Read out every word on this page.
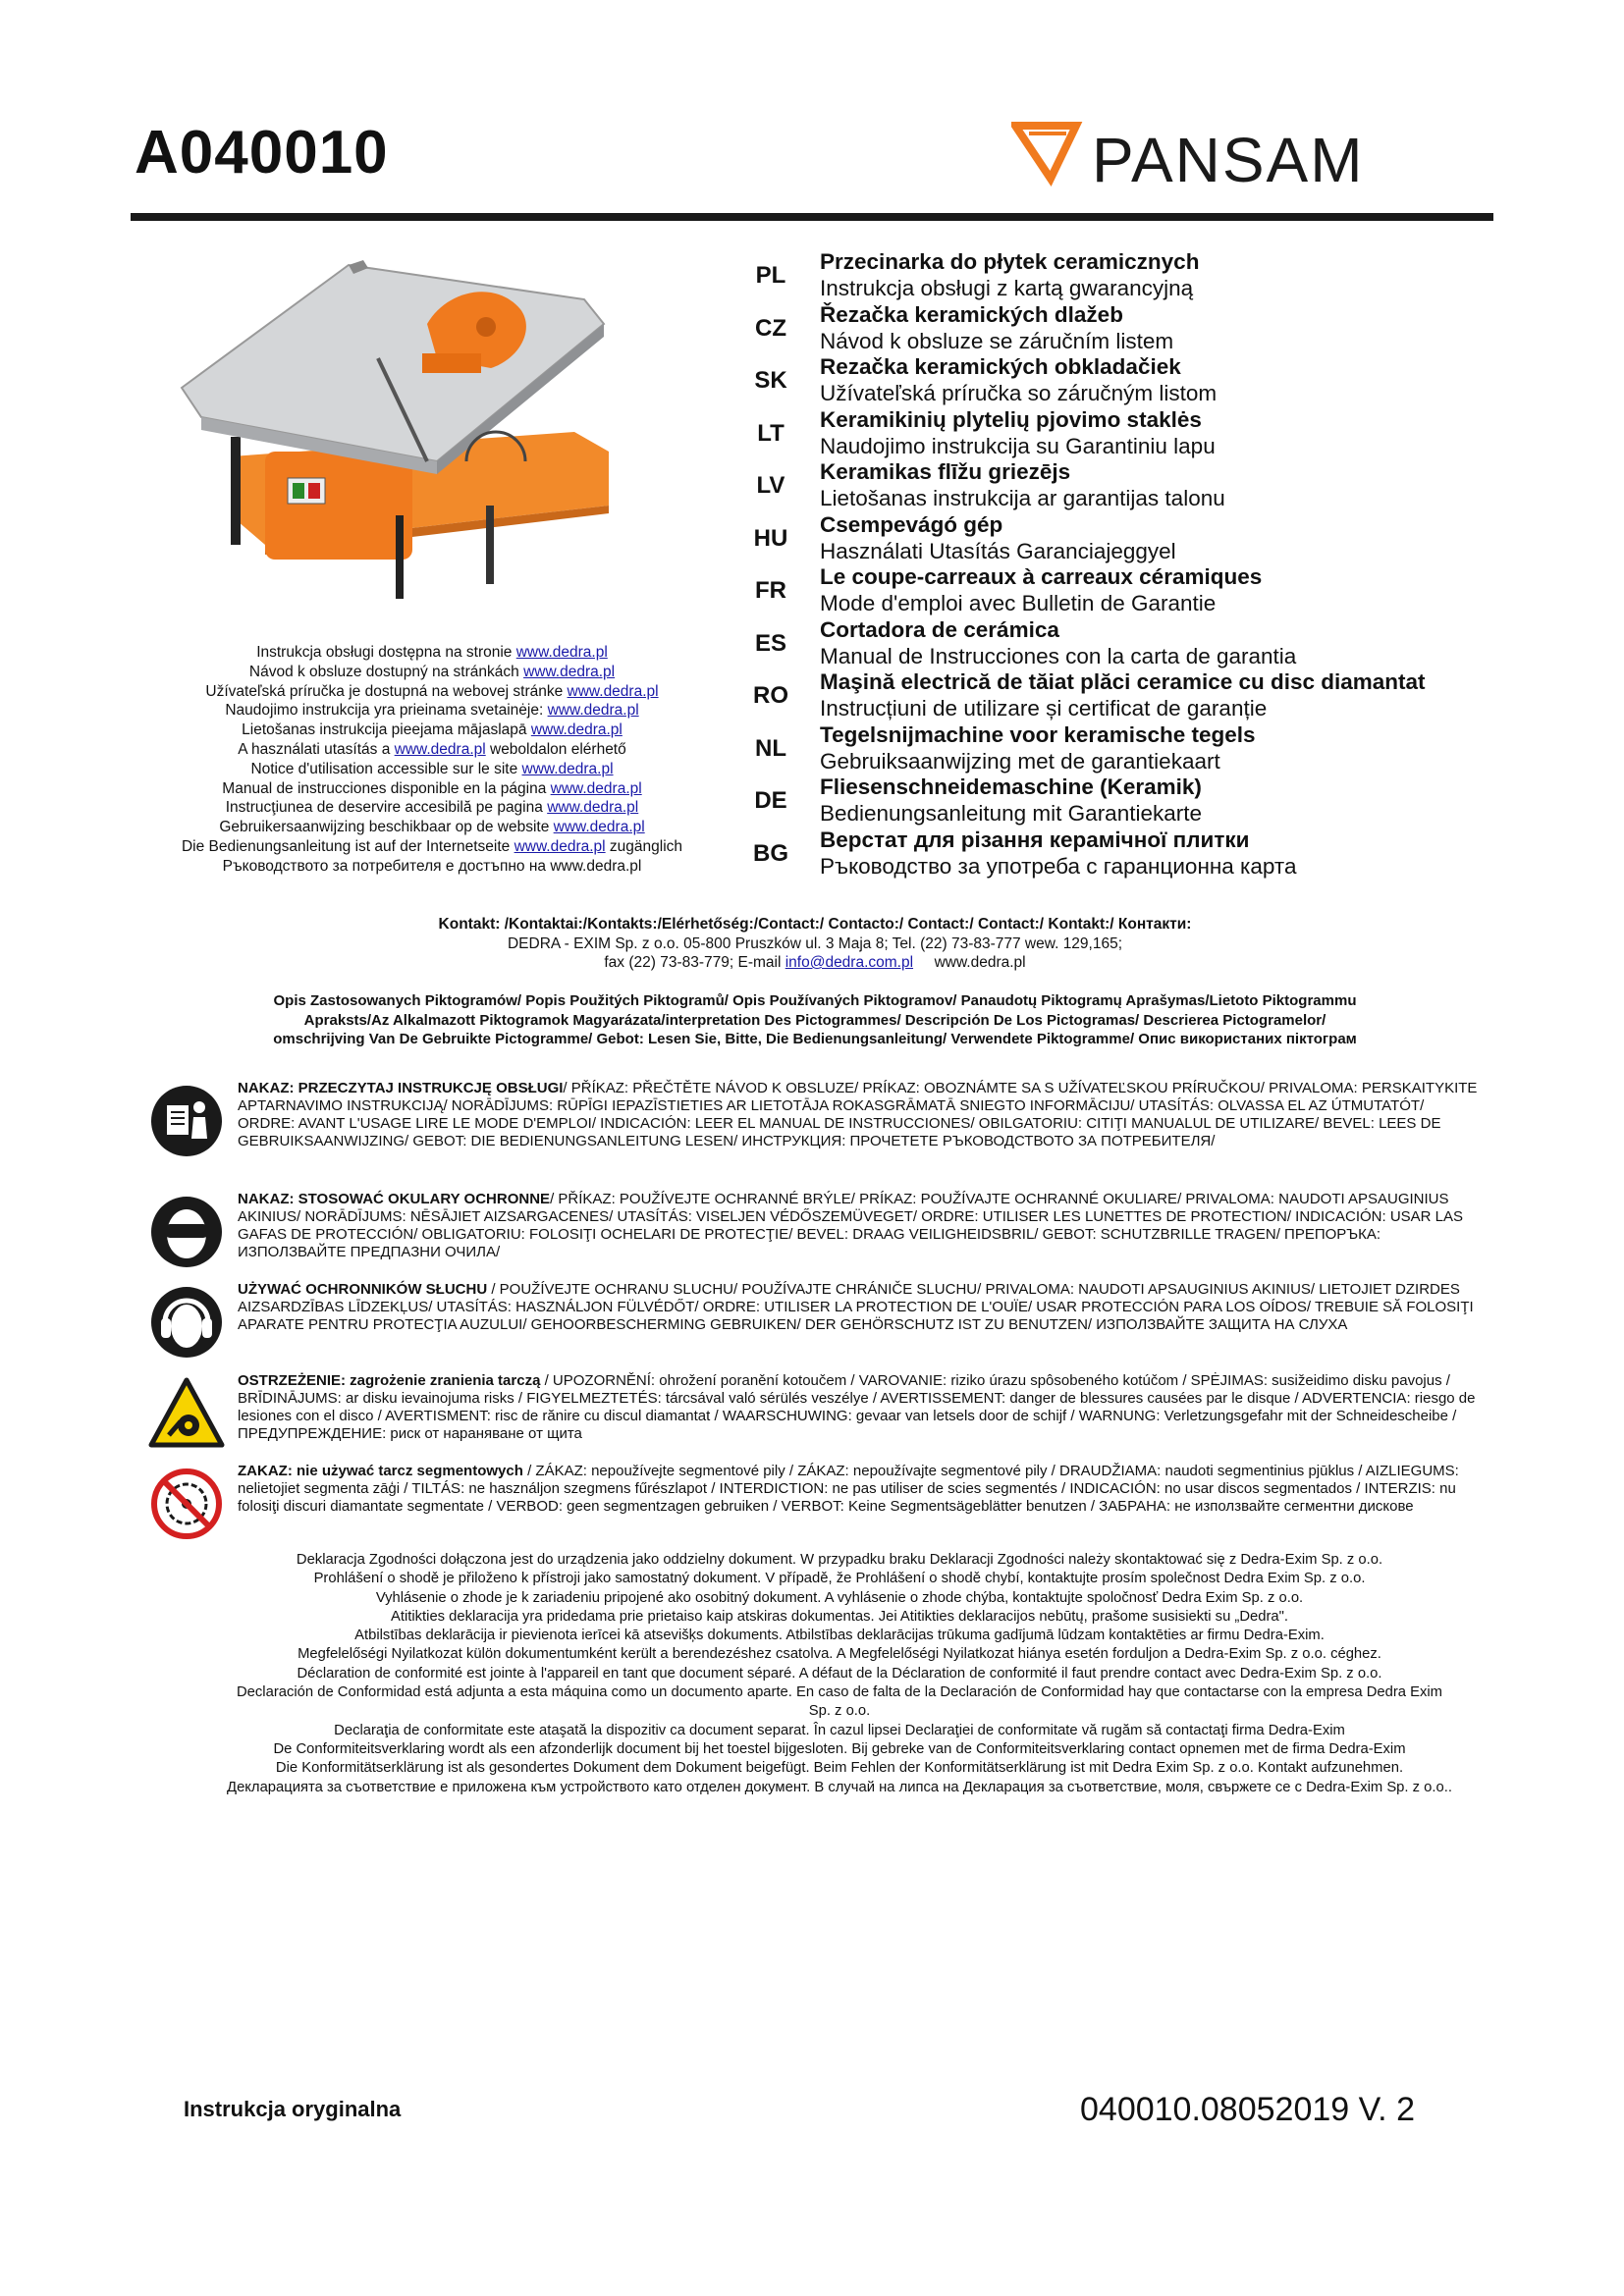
A040010	PANSAM
Instrukcja obsługi dostępna na stronie www.dedra.pl
Návod k obsluze dostupný na stránkách www.dedra.pl
Užívateľská príručka je dostupná na webovej stránke www.dedra.pl
Naudojimo instrukcija yra prieinama svetainėje: www.dedra.pl
Lietošanas instrukcija pieejama mājaslapā www.dedra.pl
A használati utasítás a www.dedra.pl weboldalon elérhető
Notice d'utilisation accessible sur le site www.dedra.pl
Manual de instrucciones disponible en la página www.dedra.pl
Instrucţiunea de deservire accesibilă pe pagina www.dedra.pl
Gebruikersaanwijzing beschikbaar op de website www.dedra.pl
Die Bedienungsanleitung ist auf der Internetseite www.dedra.pl zugänglich
Ръководството за потребителя е достъпно на www.dedra.pl
PL
Przecinarka do płytek ceramicznych
Instrukcja obsługi z kartą gwarancyjną
CZ
Řezačka keramických dlažeb
Návod k obsluze se záručním listem
SK
Rezačka keramických obkladačiek
Užívateľská príručka so záručným listom
LT
Keramikinių plytelių pjovimo staklės
Naudojimo instrukcija su Garantiniu lapu
LV
Keramikas flīžu griezējs
Lietošanas instrukcija ar garantijas talonu
HU
Csempevágó gép
Használati Utasítás Garanciajeggyel
FR
Le coupe-carreaux à carreaux céramiques
Mode d'emploi avec Bulletin de Garantie
ES
Cortadora de cerámica
Manual de Instrucciones con la carta de garantia
RO
Maşină electrică de tăiat plăci ceramice cu disc diamantat
Instrucțiuni de utilizare și certificat de garanție
NL
Tegelsnijmachine voor keramische tegels
Gebruiksaanwijzing met de garantiekaart
DE
Fliesenschneidemaschine (Keramik)
Bedienungsanleitung mit Garantiekarte
BG
Верстат для різання керамічної плитки
Ръководство за употреба с гаранционна карта
Kontakt: /Kontaktai:/Kontakts:/Elérhetőség:/Contact:/ Contacto:/ Contact:/ Contact:/ Kontakt:/ Контакти:
DEDRA - EXIM Sp. z o.o. 05-800 Pruszków ul. 3 Maja 8; Tel. (22) 73-83-777 wew. 129,165;
fax (22) 73-83-779; E-mail info@dedra.com.pl     www.dedra.pl
Opis Zastosowanych Piktogramów/ Popis Použitých Piktogramů/ Opis Používaných Piktogramov/ Panaudotų Piktogramų Aprašymas/Lietoto Piktogrammu
Apraksts/Az Alkalmazott Piktogramok Magyarázata/interpretation Des Pictogrammes/ Descripción De Los Pictogramas/ Descrierea Pictogramelor/
omschrijving Van De Gebruikte Pictogramme/ Gebot: Lesen Sie, Bitte, Die Bedienungsanleitung/ Verwendete Piktogramme/ Опис використаних піктограм
NAKAZ: PRZECZYTAJ INSTRUKCJĘ OBSŁUGI/ PŘÍKAZ: PŘEČTĚTE NÁVOD K OBSLUZE/ PRÍKAZ: OBOZNÁMTE SA S UŽÍVATEĽSKOU PRÍRUČKOU/ PRIVALOMA: PERSKAITYKITE APTARNAVIMO INSTRUKCIJĄ/ NORĀDĪJUMS: RŪPĪGI IEPAZĪSTIETIES AR LIETOTĀJA ROKASGRĀMATĀ SNIEGTO INFORMĀCIJU/ UTASÍTÁS: OLVASSA EL AZ ÚTMUTATÓT/ ORDRE: AVANT L'USAGE LIRE LE MODE D'EMPLOI/ INDICACIÓN: LEER EL MANUAL DE INSTRUCCIONES/ OBILGATORIU: CITIŢI MANUALUL DE UTILIZARE/ BEVEL: LEES DE GEBRUIKSAANWIJZING/ GEBOT: DIE BEDIENUNGSANLEITUNG LESEN/ ИНСТРУКЦИЯ: ПРОЧЕТЕТЕ РЪКОВОДСТВОТО ЗА ПОТРЕБИТЕЛЯ/
NAKAZ: STOSOWAĆ OKULARY OCHRONNE/ PŘÍKAZ: POUŽÍVEJTE OCHRANNÉ BRÝLE/ PRÍKAZ: POUŽÍVAJTE OCHRANNÉ OKULIARE/ PRIVALOMA: NAUDOTI APSAUGINIUS AKINIUS/ NORĀDĪJUMS: NĒSĀJIET AIZSARGACENES/ UTASÍTÁS: VISELJEN VÉDŐSZEMÜVEGET/ ORDRE: UTILISER LES LUNETTES DE PROTECTION/ INDICACIÓN: USAR LAS GAFAS DE PROTECCIÓN/ OBLIGATORIU: FOLOSIŢI OCHELARI DE PROTECŢIE/ BEVEL: DRAAG VEILIGHEIDSBRIL/ GEBOT: SCHUTZBRILLE TRAGEN/ ПРЕПОРЪКА: ИЗПОЛЗВАЙТЕ ПРЕДПАЗНИ ОЧИЛА/
UŻYWAĆ OCHRONNIKÓW SŁUCHU / POUŽÍVEJTE OCHRANU SLUCHU/ POUŽÍVAJTE CHRÁNIČE SLUCHU/ PRIVALOMA: NAUDOTI APSAUGINIUS AKINIUS/ LIETOJIET DZIRDES AIZSARDZĪBAS LĪDZEKĻUS/ UTASÍTÁS: HASZNÁLJON FÜLVÉDŐT/ ORDRE: UTILISER LA PROTECTION DE L'OUÏE/ USAR PROTECCIÓN PARA LOS OÍDOS/ TREBUIE SĂ FOLOSIŢI APARATE PENTRU PROTECŢIA AUZULUI/ GEHOORBESCHERMING GEBRUIKEN/ DER GEHÖRSCHUTZ IST ZU BENUTZEN/ ИЗПОЛЗВАЙТЕ ЗАЩИТА НА СЛУХА
OSTRZEŻENIE: zagrożenie zranienia tarczą / UPOZORNĚNÍ: ohrožení poranění kotoučem / VAROVANIE: riziko úrazu spôsobeného kotúčom / SPĖJIMAS: susižeidimo disku pavojus / BRĪDINĀJUMS: ar disku ievainojuma risks / FIGYELMEZTETÉS: tárcsával való sérülés veszélye / AVERTISSEMENT: danger de blessures causées par le disque / ADVERTENCIA: riesgo de lesiones con el disco / AVERTISMENT: risc de rănire cu discul diamantat / WAARSCHUWING: gevaar van letsels door de schijf / WARNUNG: Verletzungsgefahr mit der Schneidescheibe / ПРЕДУПРЕЖДЕНИЕ: риск от нараняване от щита
ZAKAZ: nie używać tarcz segmentowych / ZÁKAZ: nepoužívejte segmentové pily / ZÁKAZ: nepoužívajte segmentové pily / DRAUDŽIAMA: naudoti segmentinius pjūklus / AIZLIEGUMS: nelietojiet segmenta zāģi / TILTÁS: ne használjon szegmens fűrészlapot / INTERDICTION: ne pas utiliser de scies segmentés / INDICACIÓN: no usar discos segmentados / INTERZIS: nu folosiţi discuri diamantate segmentate / VERBOD: geen segmentzagen gebruiken / VERBOT: Keine Segmentsägeblätter benutzen / ЗАБРАНА: не използвайте сегментни дискове
Deklaracja Zgodności dołączona jest do urządzenia jako oddzielny dokument. W przypadku braku Deklaracji Zgodności należy skontaktować się z Dedra-Exim Sp. z o.o.
Prohlášení o shodě je přiloženo k přístroji jako samostatný dokument. V případě, že Prohlášení o shodě chybí, kontaktujte prosím společnost Dedra Exim Sp. z o.o.
Vyhlásenie o zhode je k zariadeniu pripojené ako osobitný dokument. A vyhlásenie o zhode chýba, kontaktujte spoločnosť Dedra Exim Sp. z o.o.
Atitikties deklaracija yra pridedama prie prietaiso kaip atskiras dokumentas. Jei Atitikties deklaracijos nebūtų, prašome susisiekti su „Dedra".
Atbilstības deklarācija ir pievienota ierīcei kā atsevišķs dokuments. Atbilstības deklarācijas trūkuma gadījumā lūdzam kontaktēties ar firmu Dedra-Exim.
Megfelelőségi Nyilatkozat külön dokumentumként került a berendezéshez csatolva. A Megfelelőségi Nyilatkozat hiánya esetén forduljon a Dedra-Exim Sp. z o.o. céghez.
Déclaration de conformité est jointe à l'appareil en tant que document séparé. A défaut de la Déclaration de conformité il faut prendre contact avec Dedra-Exim Sp. z o.o.
Declaración de Conformidad está adjunta a esta máquina como un documento aparte. En caso de falta de la Declaración de Conformidad hay que contactarse con la empresa Dedra Exim Sp. z o.o.
Declaraţia de conformitate este ataşată la dispozitiv ca document separat. În cazul lipsei Declaraţiei de conformitate vă rugăm să contactaţi firma Dedra-Exim
De Conformiteitsverklaring wordt als een afzonderlijk document bij het toestel bijgesloten. Bij gebreke van de Conformiteitsverklaring contact opnemen met de firma Dedra-Exim
Die Konformitätserklärung ist als gesondertes Dokument dem Dokument beigefügt. Beim Fehlen der Konformitätserklärung ist mit Dedra Exim Sp. z o.o. Kontakt aufzunehmen.
Декларацията за съответствие е приложена към устройството като отделен документ. В случай на липса на Декларация за съответствие, моля, свържете се с Dedra-Exim Sp. z o.o..
Instrukcja oryginalna	040010.08052019 V. 2
